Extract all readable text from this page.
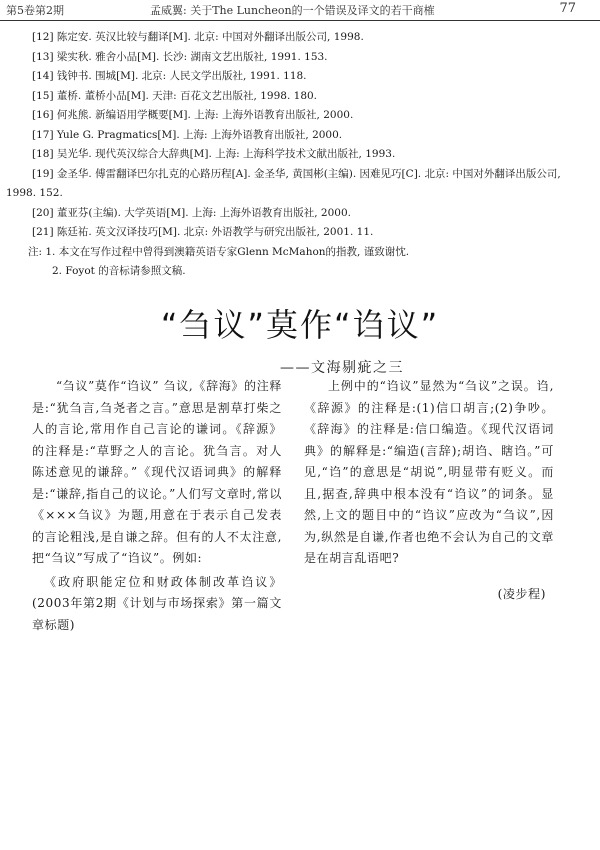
第5卷第2期	孟威翼: 关于The Luncheon的一个错误及译文的若干商榷	77
[12] 陈定安. 英汉比较与翻译[M]. 北京: 中国对外翻译出版公司, 1998.
[13] 梁实秋. 雅舍小品[M]. 长沙: 湖南文艺出版社, 1991. 153.
[14] 钱钟书. 围城[M]. 北京: 人民文学出版社, 1991. 118.
[15] 董桥. 董桥小品[M]. 天津: 百花文艺出版社, 1998. 180.
[16] 何兆熊. 新编语用学概要[M]. 上海: 上海外语教育出版社, 2000.
[17] Yule G. Pragmatics[M]. 上海: 上海外语教育出版社, 2000.
[18] 吴光华. 现代英汉综合大辞典[M]. 上海: 上海科学技术文献出版社, 1993.
[19] 金圣华. 傅雷翻译巴尔扎克的心路历程[A]. 金圣华, 黄国彬(主编). 因难见巧[C]. 北京: 中国对外翻译出版公司, 1998. 152.
[20] 董亚芬(主编). 大学英语[M]. 上海: 上海外语教育出版社, 2000.
[21] 陈廷祐. 英文汉译技巧[M]. 北京: 外语教学与研究出版社, 2001. 11.
注: 1. 本文在写作过程中曾得到澳籍英语专家Glenn McMahon的指教, 谨致谢忱.
2. Foyot 的音标请参照文稿.
“刍议”莫作“诌议”
——文海剔疵之三

“刍议”莫作“诌议” 刍议,《辞海》的注释是:“犹刍言,刍尧者之言。”意思是割草打柴之人的言论,常用作自己言论的谦词。《辞源》的注释是:“草野之人的言论。犹刍言。对人陈述意见的谦辞。”《现代汉语词典》的解释是:“谦辞,指自己的议论。”人们写文章时,常以《×××刍议》为题,用意在于表示自己发表的言论粗浅,是自谦之辞。但有的人不太注意,把“刍议”写成了“诌议”。例如:

《政府职能定位和财政体制改革诌议》(2003年第2期《计划与市场探索》第一篇文章标题)

上例中的“诌议”显然为“刍议”之误。诌,《辞源》的注释是:(1)信口胡言;(2)争吵。《辞海》的注释是:信口编造。《现代汉语词典》的解释是:“编造(言辞);胡诌、瞎诌。”可见,“诌”的意思是“胡说”,明显带有贬义。而且,据查,辞典中根本没有“诌议”的词条。显然,上文的题目中的“诌议”应改为“刍议”,因为,纵然是自谦,作者也绝不会认为自己的文章是在胡言乱语吧?

(凌步程)
